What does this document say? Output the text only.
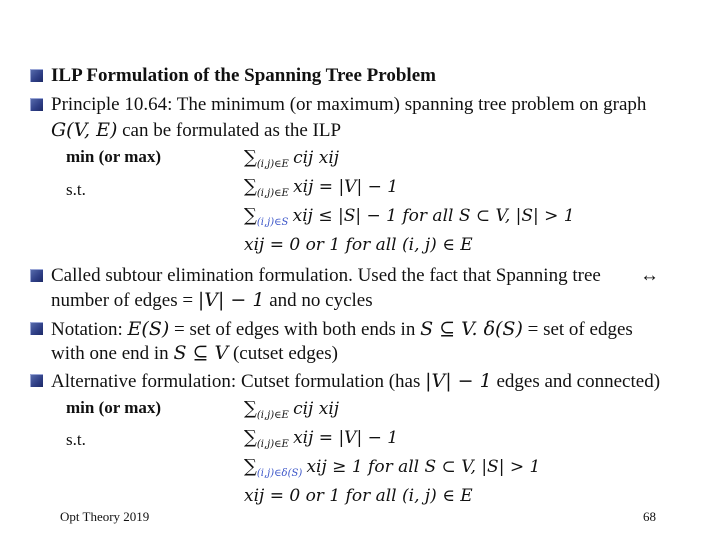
ILP Formulation of the Spanning Tree Problem
Principle 10.64: The minimum (or maximum) spanning tree problem on graph
G(V, E) can be formulated as the ILP
min (or max)
s.t.
$\sum_{(i,j)\in E}$ cij xij
$\sum_{(i,j)\in E}$ xij = |V| − 1
$\sum_{(i,j)\in S}$ xij ≤ |S| − 1 for all S ⊂ V, |S| > 1
xij = 0 or 1 for all (i, j) ∈ E
Called subtour elimination formulation. Used the fact that Spanning tree ↔
number of edges = |V| − 1 and no cycles
Notation: E(S) = set of edges with both ends in S ⊆ V. δ(S) = set of edges
with one end in S ⊆ V (cutset edges)
Alternative formulation: Cutset formulation (has |V| − 1 edges and connected)
min (or max)
s.t.
$\sum_{(i,j)\in E}$ cij xij
$\sum_{(i,j)\in E}$ xij = |V| − 1
$\sum_{(i,j)\in\delta(S)}$ xij ≥ 1 for all S ⊂ V, |S| > 1
xij = 0 or 1 for all (i, j) ∈ E
Opt Theory 2019	68
